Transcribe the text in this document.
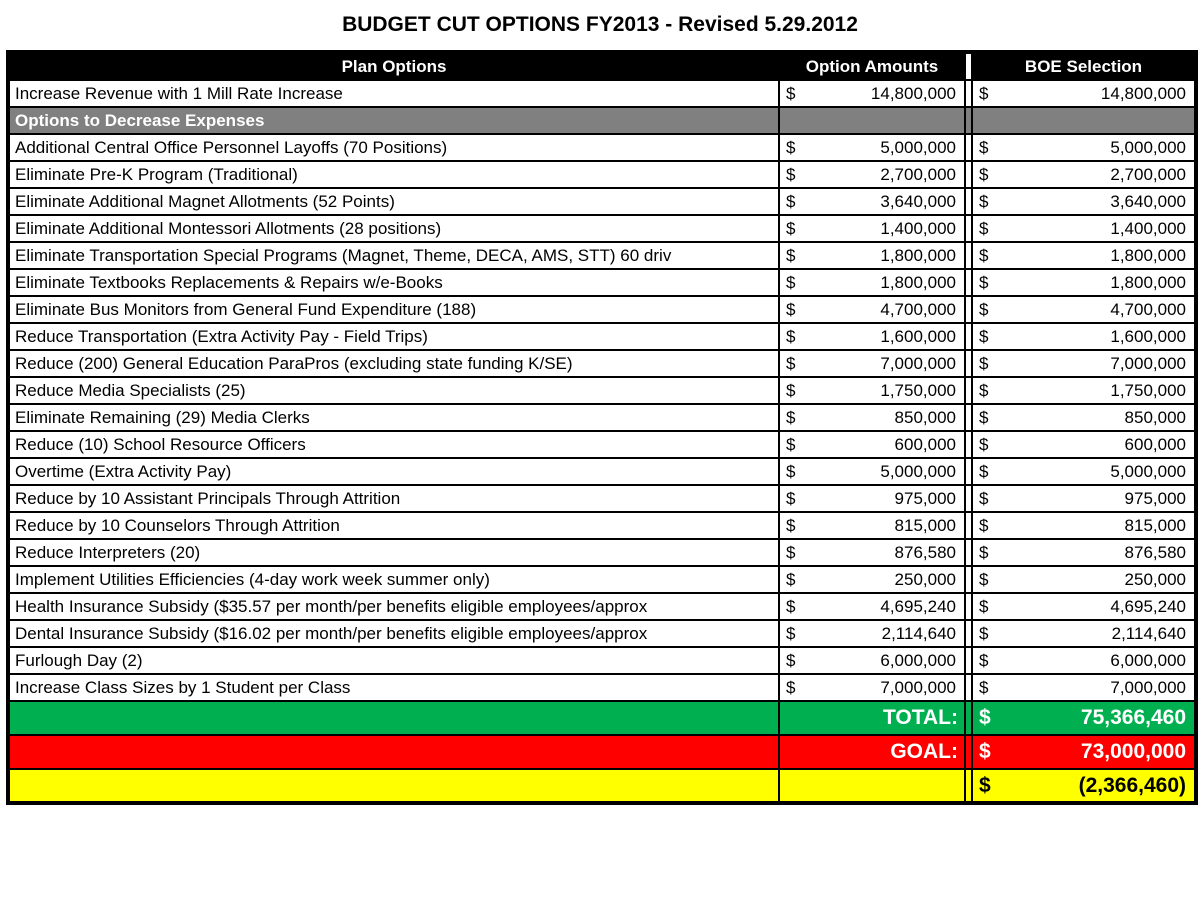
BUDGET CUT OPTIONS FY2013 - Revised 5.29.2012
Plan Options	Option Amounts		BOE Selection
Increase Revenue with 1 Mill Rate Increase	$ 14,800,000		$ 14,800,000

Options to Decrease Expenses			
Additional Central Office Personnel Layoffs (70 Positions)	$ 5,000,000		$ 5,000,000

Eliminate Pre-K Program (Traditional)	$ 2,700,000		$ 2,700,000

Eliminate Additional Magnet Allotments (52 Points)	$ 3,640,000		$ 3,640,000

Eliminate Additional Montessori Allotments (28 positions)	$ 1,400,000		$ 1,400,000

Eliminate Transportation Special Programs (Magnet, Theme, DECA, AMS, STT) 60 driv	$ 1,800,000		$ 1,800,000

Eliminate Textbooks Replacements & Repairs w/e-Books	$ 1,800,000		$ 1,800,000

Eliminate Bus Monitors from General Fund Expenditure (188)	$ 4,700,000		$ 4,700,000

Reduce Transportation (Extra Activity Pay - Field Trips)	$ 1,600,000		$ 1,600,000

Reduce (200) General Education ParaPros (excluding state funding K/SE)	$ 7,000,000		$ 7,000,000

Reduce Media Specialists (25)	$ 1,750,000		$ 1,750,000

Eliminate Remaining (29) Media Clerks	$ 850,000		$ 850,000

Reduce (10) School Resource Officers	$ 600,000		$ 600,000

Overtime (Extra Activity Pay)	$ 5,000,000		$ 5,000,000

Reduce by 10 Assistant Principals Through Attrition	$ 975,000		$ 975,000

Reduce by 10 Counselors Through Attrition	$ 815,000		$ 815,000

Reduce Interpreters (20)	$ 876,580		$ 876,580

Implement Utilities Efficiencies (4-day work week summer only)	$ 250,000		$ 250,000

Health Insurance Subsidy ($35.57 per month/per benefits eligible employees/approx	$ 4,695,240		$ 4,695,240

Dental Insurance Subsidy ($16.02 per month/per benefits eligible employees/approx	$ 2,114,640		$ 2,114,640

Furlough Day (2)	$ 6,000,000		$ 6,000,000

Increase Class Sizes by 1 Student per Class	$ 7,000,000		$ 7,000,000

	TOTAL:		$ 75,366,460

	GOAL:		$ 73,000,000

			$ (2,366,460)
